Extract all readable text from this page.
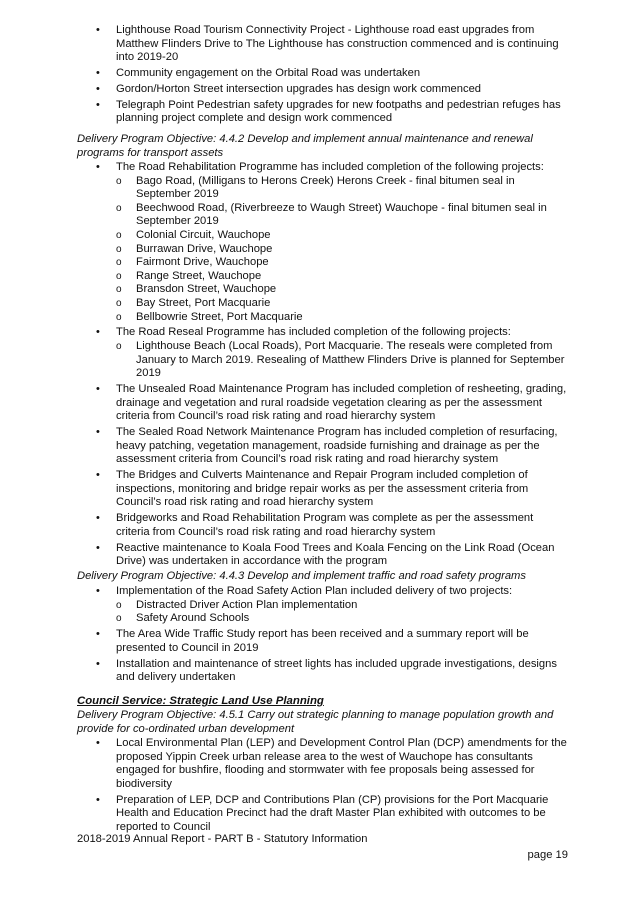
• Lighthouse Road Tourism Connectivity Project - Lighthouse road east upgrades from Matthew Flinders Drive to The Lighthouse has construction commenced and is continuing into 2019-20
• Community engagement on the Orbital Road was undertaken
• Gordon/Horton Street intersection upgrades has design work commenced
• Telegraph Point Pedestrian safety upgrades for new footpaths and pedestrian refuges has planning project complete and design work commenced
Delivery Program Objective: 4.4.2 Develop and implement annual maintenance and renewal programs for transport assets
• The Road Rehabilitation Programme has included completion of the following projects:
o Bago Road, (Milligans to Herons Creek) Herons Creek - final bitumen seal in September 2019
o Beechwood Road, (Riverbreeze to Waugh Street) Wauchope - final bitumen seal in September 2019
o Colonial Circuit, Wauchope
o Burrawan Drive, Wauchope
o Fairmont Drive, Wauchope
o Range Street, Wauchope
o Bransdon Street, Wauchope
o Bay Street, Port Macquarie
o Bellbowrie Street, Port Macquarie
• The Road Reseal Programme has included completion of the following projects:
o Lighthouse Beach (Local Roads), Port Macquarie. The reseals were completed from January to March 2019. Resealing of Matthew Flinders Drive is planned for September 2019
• The Unsealed Road Maintenance Program has included completion of resheeting, grading, drainage and vegetation and rural roadside vegetation clearing as per the assessment criteria from Council’s road risk rating and road hierarchy system
• The Sealed Road Network Maintenance Program has included completion of resurfacing, heavy patching, vegetation management, roadside furnishing and drainage as per the assessment criteria from Council’s road risk rating and road hierarchy system
• The Bridges and Culverts Maintenance and Repair Program included completion of inspections, monitoring and bridge repair works as per the assessment criteria from Council’s road risk rating and road hierarchy system
• Bridgeworks and Road Rehabilitation Program was complete as per the assessment criteria from Council’s road risk rating and road hierarchy system
• Reactive maintenance to Koala Food Trees and Koala Fencing on the Link Road (Ocean Drive) was undertaken in accordance with the program
Delivery Program Objective: 4.4.3 Develop and implement traffic and road safety programs
• Implementation of the Road Safety Action Plan included delivery of two projects:
o Distracted Driver Action Plan implementation
o Safety Around Schools
• The Area Wide Traffic Study report has been received and a summary report will be presented to Council in 2019
• Installation and maintenance of street lights has included upgrade investigations, designs and delivery undertaken
Council Service: Strategic Land Use Planning
Delivery Program Objective: 4.5.1 Carry out strategic planning to manage population growth and provide for co-ordinated urban development
• Local Environmental Plan (LEP) and Development Control Plan (DCP) amendments for the proposed Yippin Creek urban release area to the west of Wauchope has consultants engaged for bushfire, flooding and stormwater with fee proposals being assessed for biodiversity
• Preparation of LEP, DCP and Contributions Plan (CP) provisions for the Port Macquarie Health and Education Precinct had the draft Master Plan exhibited with outcomes to be reported to Council
2018-2019 Annual Report - PART B - Statutory Information
page 19
